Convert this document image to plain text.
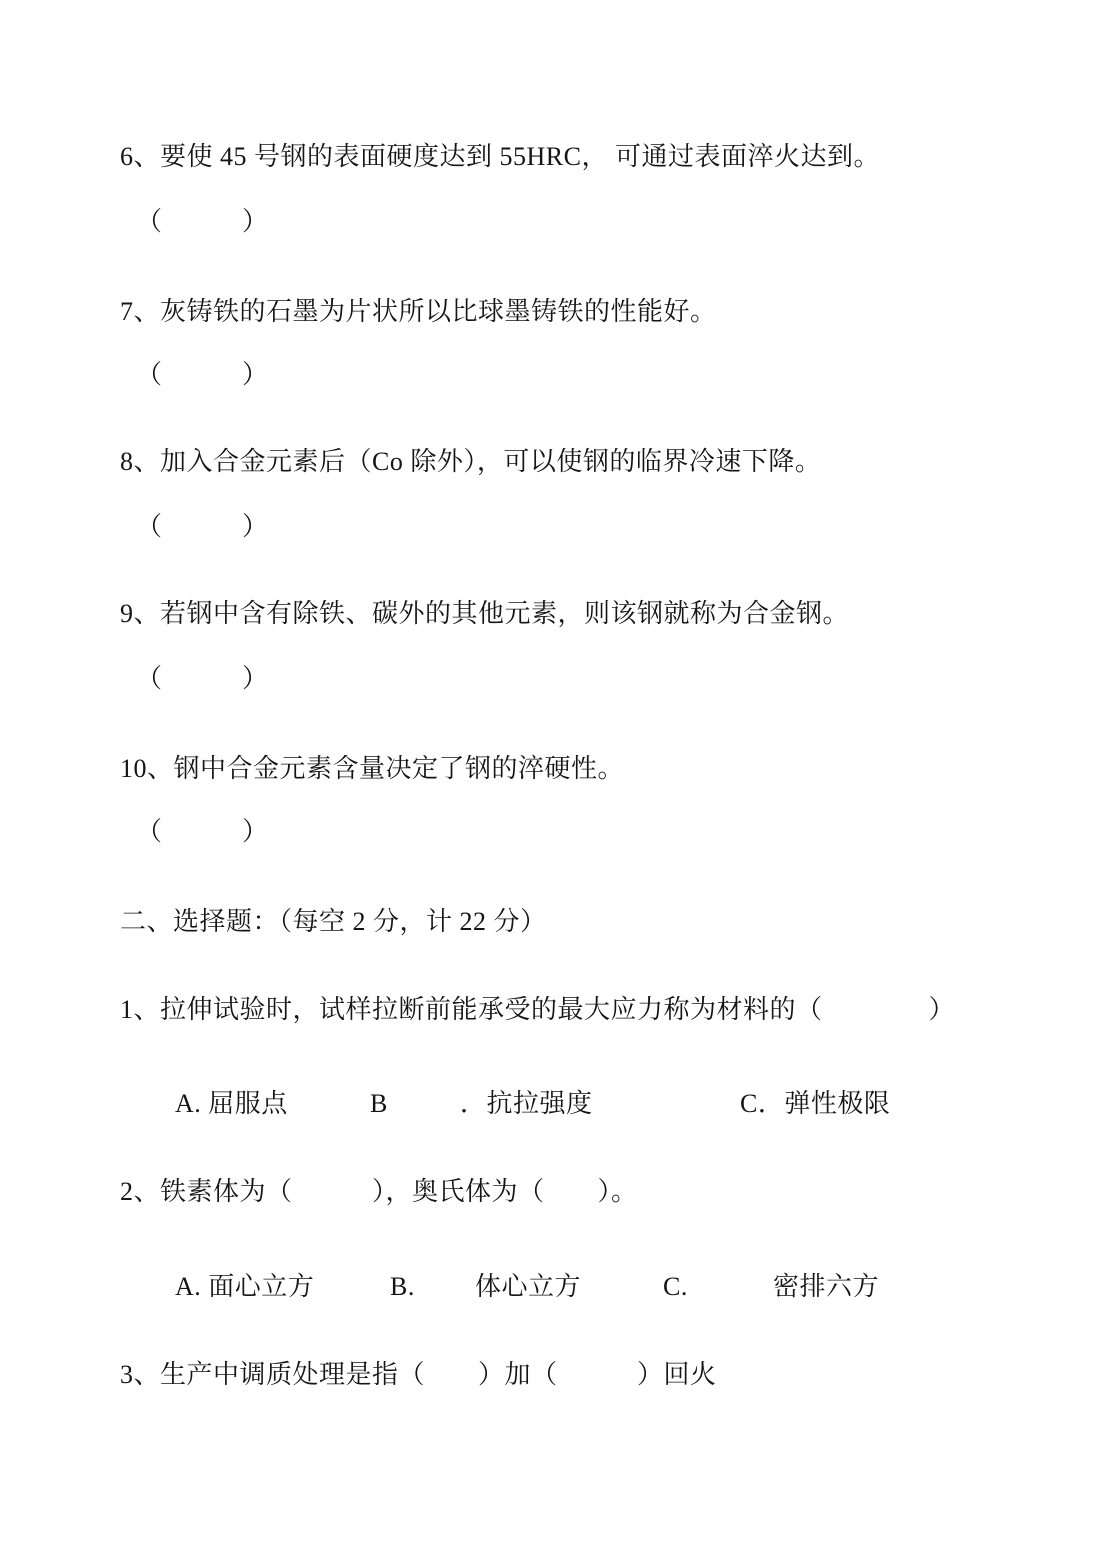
6、要使 45 号钢的表面硬度达到 55HRC， 可通过表面淬火达到。

（　　　）

7、灰铸铁的石墨为片状所以比球墨铸铁的性能好。

（　　　）

8、加入合金元素后（Co 除外），可以使钢的临界冷速下降。

（　　　）

9、若钢中含有除铁、碳外的其他元素，则该钢就称为合金钢。

（　　　）

10、钢中合金元素含量决定了钢的淬硬性。

（　　　）

二、选择题：（每空 2 分，计 22 分）

1、拉伸试验时，试样拉断前能承受的最大应力称为材料的（　　　　）

A. 屈服点	B	．抗拉强度	C．弹性极限

2、铁素体为（　　　），奥氏体为（　　）。

A. 面心立方	B. 体心立方	C.	密排六方

3、生产中调质处理是指（　　）加（　　　）回火
